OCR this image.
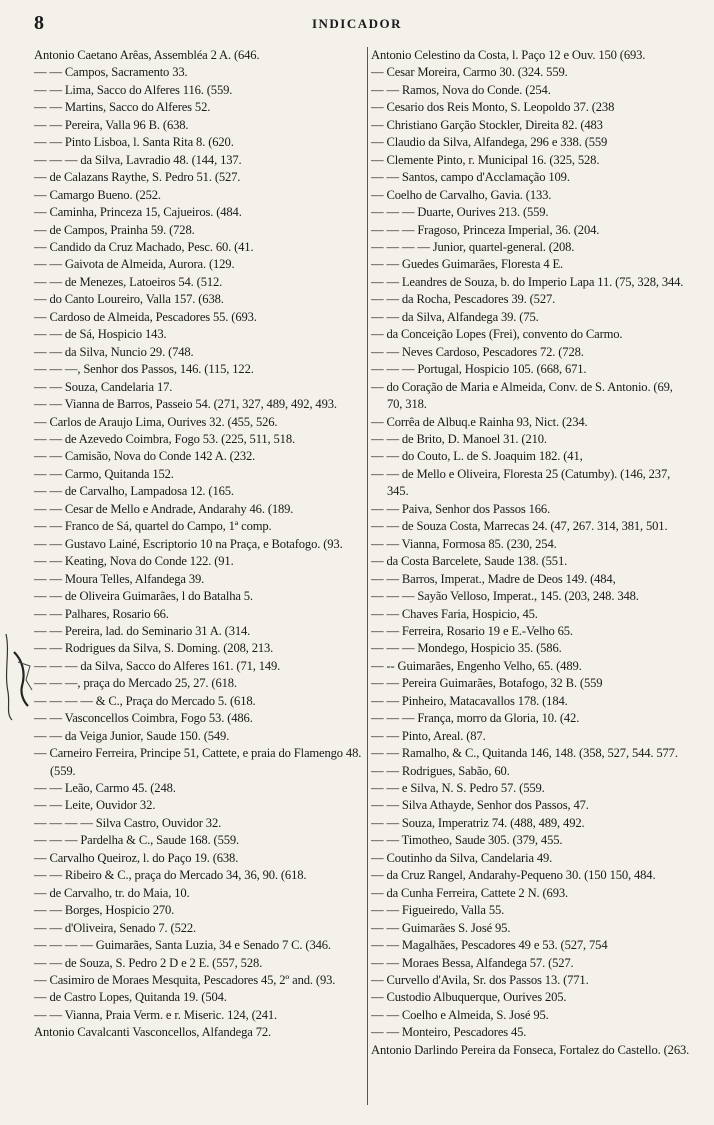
8	INDICADOR

Antonio Caetano Arêas, Assembléa 2 A. (646.

— — Campos, Sacramento 33.

— — Lima, Sacco do Alferes 116. (559.

— — Martins, Sacco do Alferes 52.

— — Pereira, Valla 96 B. (638.

— — Pinto Lisboa, l. Santa Rita 8. (620.

— — — da Silva, Lavradio 48. (144, 137.

— de Calazans Raythe, S. Pedro 51. (527.

— Camargo Bueno. (252.

— Caminha, Princeza 15, Cajueiros. (484.

— de Campos, Prainha 59. (728.

— Candido da Cruz Machado, Pesc. 60. (41.

— — Gaivota de Almeida, Aurora. (129.

— — de Menezes, Latoeiros 54. (512.

— do Canto Loureiro, Valla 157. (638.

— Cardoso de Almeida, Pescadores 55. (693.

— — de Sá, Hospicio 143.

— — da Silva, Nuncio 29. (748.

— — —, Senhor dos Passos, 146. (115, 122.

— — Souza, Candelaria 17.

— — Vianna de Barros, Passeio 54. (271, 327, 489, 492, 493.

— Carlos de Araujo Lima, Ourives 32. (455, 526.

— — de Azevedo Coimbra, Fogo 53. (225, 511, 518.

— — Camisão, Nova do Conde 142 A. (232.

— — Carmo, Quitanda 152.

— — de Carvalho, Lampadosa 12. (165.

— — Cesar de Mello e Andrade, Andarahy 46. (189.

— — Franco de Sá, quartel do Campo, 1ª comp.

— — Gustavo Lainé, Escriptorio 10 na Praça, e Botafogo. (93.

— — Keating, Nova do Conde 122. (91.

— — Moura Telles, Alfandega 39.

— — de Oliveira Guimarães, l do Batalha 5.

— — Palhares, Rosario 66.

— — Pereira, lad. do Seminario 31 A. (314.

— — Rodrigues da Silva, S. Doming. (208, 213.

— — — da Silva, Sacco do Alferes 161. (71, 149.

— — —, praça do Mercado 25, 27. (618.

— — — — & C., Praça do Mercado 5. (618.

— — Vasconcellos Coimbra, Fogo 53. (486.

— — da Veiga Junior, Saude 150. (549.

— Carneiro Ferreira, Principe 51, Cattete, e praia do Flamengo 48. (559.

— — Leão, Carmo 45. (248.

— — Leite, Ouvidor 32.

— — — — Silva Castro, Ouvidor 32.

— — — Pardelha & C., Saude 168. (559.

— Carvalho Queiroz, l. do Paço 19. (638.

— — Ribeiro & C., praça do Mercado 34, 36, 90. (618.

— de Carvalho, tr. do Maia, 10.

— — Borges, Hospicio 270.

— — d'Oliveira, Senado 7. (522.

— — — — Guimarães, Santa Luzia, 34 e Senado 7 C. (346.

— — de Souza, S. Pedro 2 D e 2 E. (557, 528.

— Casimiro de Moraes Mesquita, Pescadores 45, 2º and. (93.

— de Castro Lopes, Quitanda 19. (504.

— — Vianna, Praia Verm. e r. Miseric. 124, (241.

Antonio Cavalcanti Vasconcellos, Alfandega 72.

Antonio Celestino da Costa, l. Paço 12 e Ouv. 150 (693.

— Cesar Moreira, Carmo 30. (324. 559.

— — Ramos, Nova do Conde. (254.

— Cesario dos Reis Monto, S. Leopoldo 37. (238

— Christiano Garção Stockler, Direita 82. (483

— Claudio da Silva, Alfandega, 296 e 338. (559

— Clemente Pinto, r. Municipal 16. (325, 528.

— — Santos, campo d'Acclamação 109.

— Coelho de Carvalho, Gavia. (133.

— — — Duarte, Ourives 213. (559.

— — — Fragoso, Princeza Imperial, 36. (204.

— — — — Junior, quartel-general. (208.

— — Guedes Guimarães, Floresta 4 E.

— — Leandres de Souza, b. do Imperio Lapa 11. (75, 328, 344.

— — da Rocha, Pescadores 39. (527.

— — da Silva, Alfandega 39. (75.

— da Conceição Lopes (Frei), convento do Carmo.

— — Neves Cardoso, Pescadores 72. (728.

— — — Portugal, Hospicio 105. (668, 671.

— do Coração de Maria e Almeida, Conv. de S. Antonio. (69, 70, 318.

— Corrêa de Albuq.e Rainha 93, Nict. (234.

— — de Brito, D. Manoel 31. (210.

— — do Couto, L. de S. Joaquim 182. (41,

— — de Mello e Oliveira, Floresta 25 (Catumby). (146, 237, 345.

— — Paiva, Senhor dos Passos 166.

— — de Souza Costa, Marrecas 24. (47, 267. 314, 381, 501.

— — Vianna, Formosa 85. (230, 254.

— da Costa Barcelete, Saude 138. (551.

— — Barros, Imperat., Madre de Deos 149. (484,

— — — Sayão Velloso, Imperat., 145. (203, 248. 348.

— — Chaves Faria, Hospicio, 45.

— — Ferreira, Rosario 19 e E.-Velho 65.

— — — Mondego, Hospicio 35. (586.

— -- Guimarães, Engenho Velho, 65. (489.

— — Pereira Guimarães, Botafogo, 32 B. (559

— — Pinheiro, Matacavallos 178. (184.

— — — França, morro da Gloria, 10. (42.

— — Pinto, Areal. (87.

— — Ramalho, & C., Quitanda 146, 148. (358, 527, 544. 577.

— — Rodrigues, Sabão, 60.

— — e Silva, N. S. Pedro 57. (559.

— — Silva Athayde, Senhor dos Passos, 47.

— — Souza, Imperatriz 74. (488, 489, 492.

— — Timotheo, Saude 305. (379, 455.

— Coutinho da Silva, Candelaria 49.

— da Cruz Rangel, Andarahy-Pequeno 30. (150 150, 484.

— da Cunha Ferreira, Cattete 2 N. (693.

— — Figueiredo, Valla 55.

— — Guimarães S. José 95.

— — Magalhães, Pescadores 49 e 53. (527, 754

— — Moraes Bessa, Alfandega 57. (527.

— Curvello d'Avila, Sr. dos Passos 13. (771.

— Custodio Albuquerque, Ourives 205.

— — Coelho e Almeida, S. José 95.

— — Monteiro, Pescadores 45.

Antonio Darlindo Pereira da Fonseca, Fortalez do Castello. (263.
